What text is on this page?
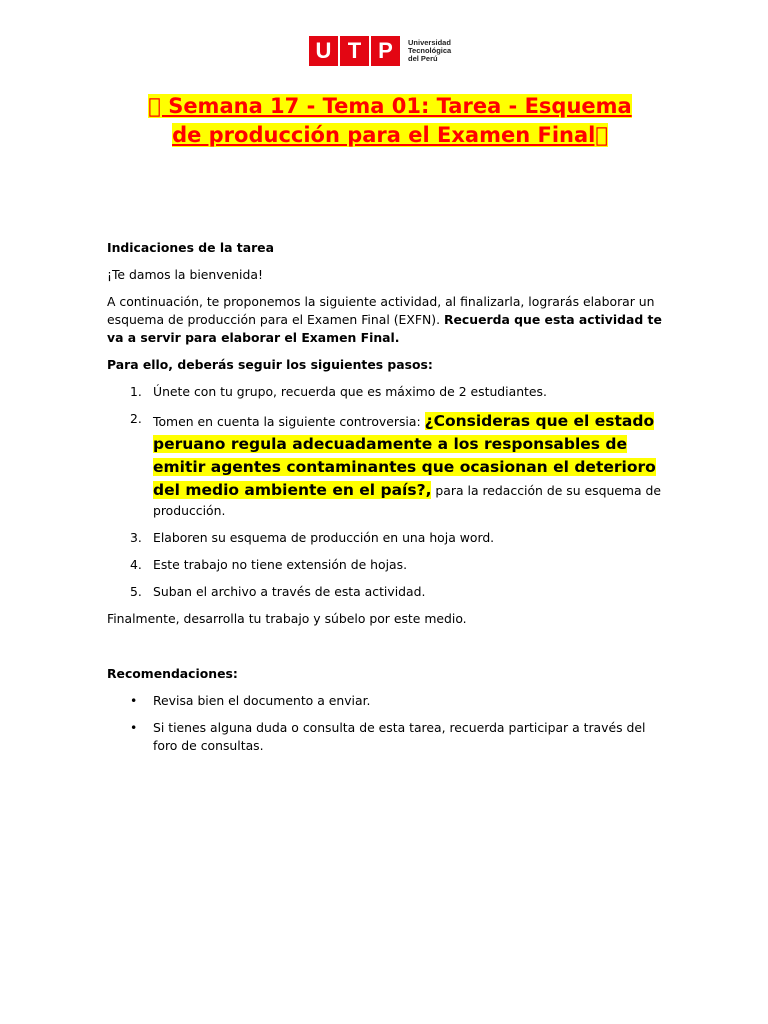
U T P	Universidad
Tecnológica
del Perú
  Semana 17 - Tema 01: Tarea - Esquema
de producción para el Examen Final 

Indicaciones de la tarea

¡Te damos la bienvenida!

A continuación, te proponemos la siguiente actividad, al finalizarla, lograrás elaborar un esquema de producción para el Examen Final (EXFN). Recuerda que esta actividad te va a servir para elaborar el Examen Final.

Para ello, deberás seguir los siguientes pasos:

1. Únete con tu grupo, recuerda que es máximo de 2 estudiantes.
2. Tomen en cuenta la siguiente controversia: ¿Consideras que el estado peruano regula adecuadamente a los responsables de emitir agentes contaminantes que ocasionan el deterioro del medio ambiente en el país?, para la redacción de su esquema de producción.
3. Elaboren su esquema de producción en una hoja word.
4. Este trabajo no tiene extensión de hojas.
5. Suban el archivo a través de esta actividad.

Finalmente, desarrolla tu trabajo y súbelo por este medio.

Recomendaciones:

• Revisa bien el documento a enviar.
• Si tienes alguna duda o consulta de esta tarea, recuerda participar a través del foro de consultas.
